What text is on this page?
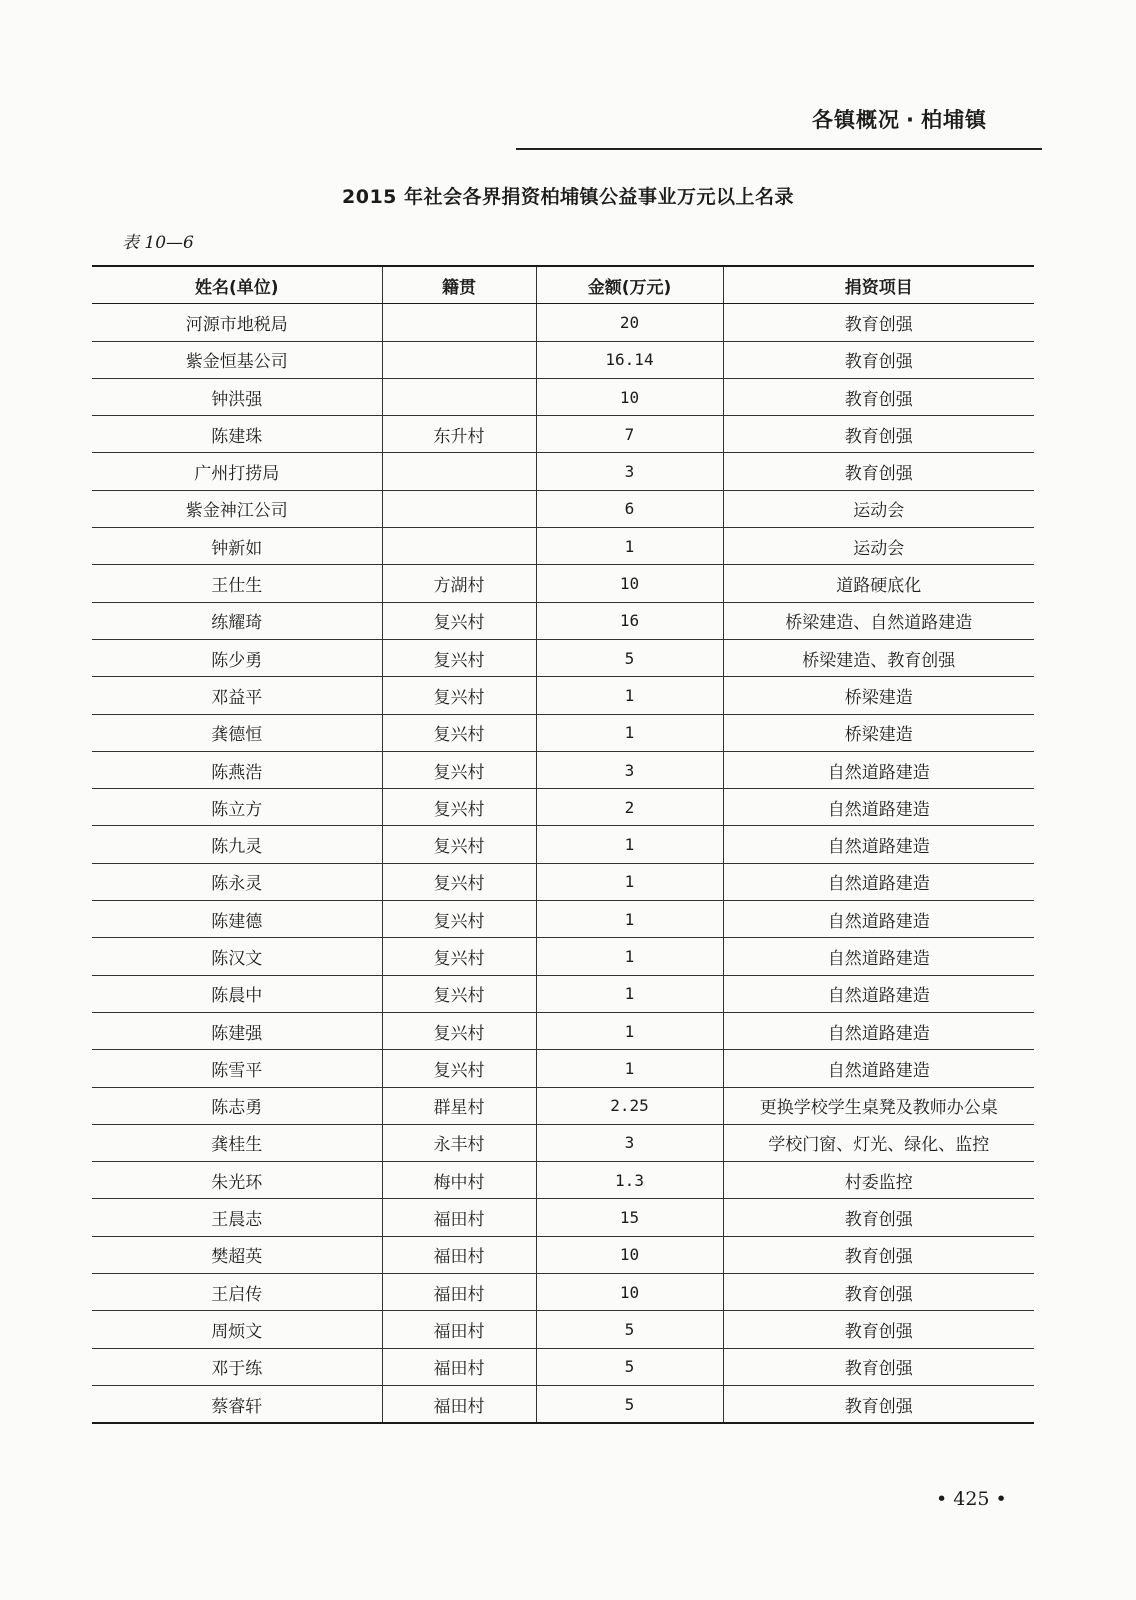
各镇概况 · 柏埔镇
2015 年社会各界捐资柏埔镇公益事业万元以上名录
表 10—6
姓名(单位)	籍贯	金额(万元)	捐资项目
河源市地税局		20	教育创强
紫金恒基公司		16.14	教育创强
钟洪强		10	教育创强
陈建珠	东升村	7	教育创强
广州打捞局		3	教育创强
紫金神江公司		6	运动会
钟新如		1	运动会
王仕生	方湖村	10	道路硬底化
练耀琦	复兴村	16	桥梁建造、自然道路建造
陈少勇	复兴村	5	桥梁建造、教育创强
邓益平	复兴村	1	桥梁建造
龚德恒	复兴村	1	桥梁建造
陈燕浩	复兴村	3	自然道路建造
陈立方	复兴村	2	自然道路建造
陈九灵	复兴村	1	自然道路建造
陈永灵	复兴村	1	自然道路建造
陈建德	复兴村	1	自然道路建造
陈汉文	复兴村	1	自然道路建造
陈晨中	复兴村	1	自然道路建造
陈建强	复兴村	1	自然道路建造
陈雪平	复兴村	1	自然道路建造
陈志勇	群星村	2.25	更换学校学生桌凳及教师办公桌
龚桂生	永丰村	3	学校门窗、灯光、绿化、监控
朱光环	梅中村	1.3	村委监控
王晨志	福田村	15	教育创强
樊超英	福田村	10	教育创强
王启传	福田村	10	教育创强
周烦文	福田村	5	教育创强
邓于练	福田村	5	教育创强
蔡睿轩	福田村	5	教育创强
• 425 •
